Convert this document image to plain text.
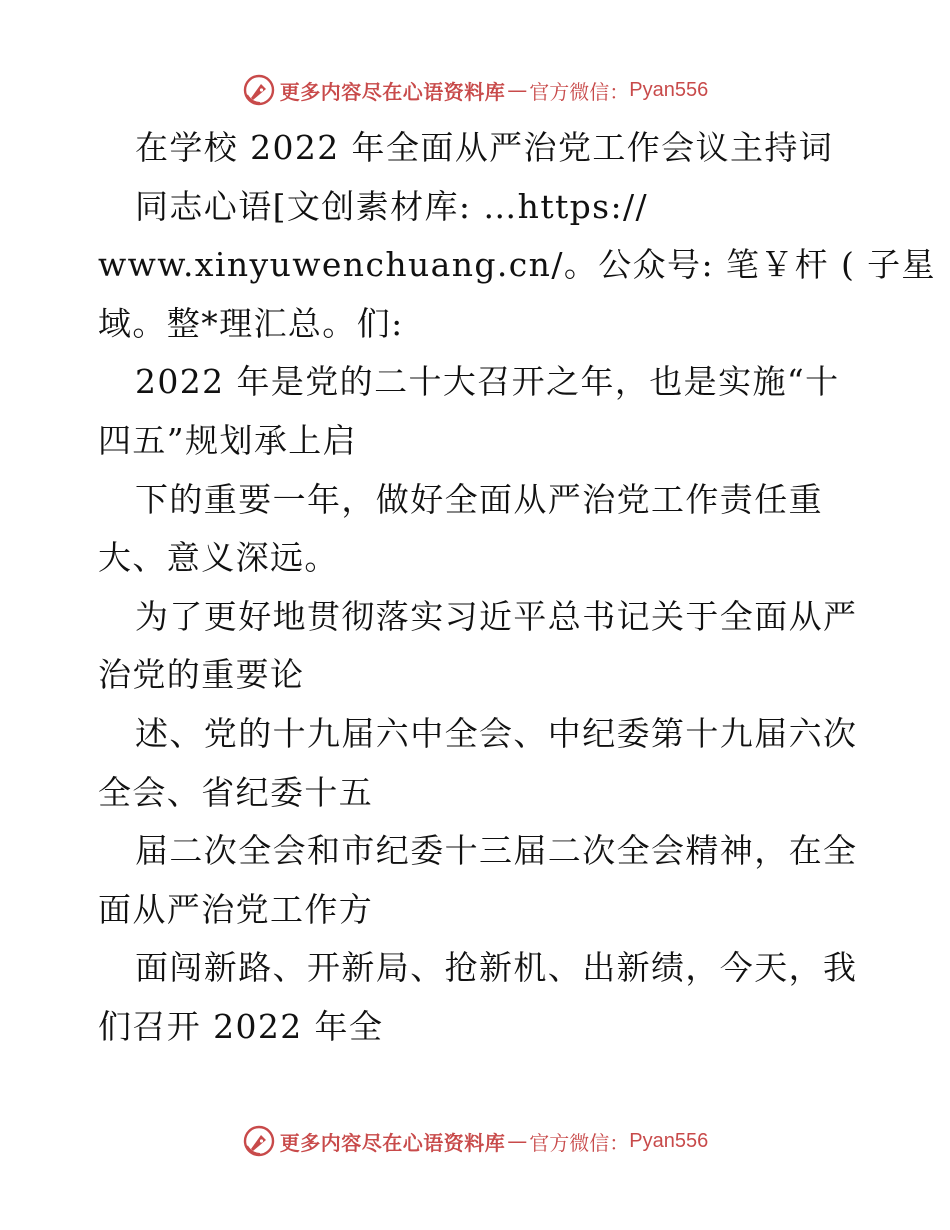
更多内容尽在心语资料库 — 官方微信： Pyan556
在学校 2022 年全面从严治党工作会议主持词
同志心语[文创素材库: …https://
www.xinyuwenchuang.cn/。公众号: 笔￥杆 ( 子星
域。整*理汇总。们:
2022 年是党的二十大召开之年，也是实施“十
四五”规划承上启
下的重要一年，做好全面从严治党工作责任重
大、意义深远。
为了更好地贯彻落实习近平总书记关于全面从严
治党的重要论
述、党的十九届六中全会、中纪委第十九届六次
全会、省纪委十五
届二次全会和市纪委十三届二次全会精神，在全
面从严治党工作方
面闯新路、开新局、抢新机、出新绩，今天，我
们召开 2022 年全
更多内容尽在心语资料库 — 官方微信： Pyan556
